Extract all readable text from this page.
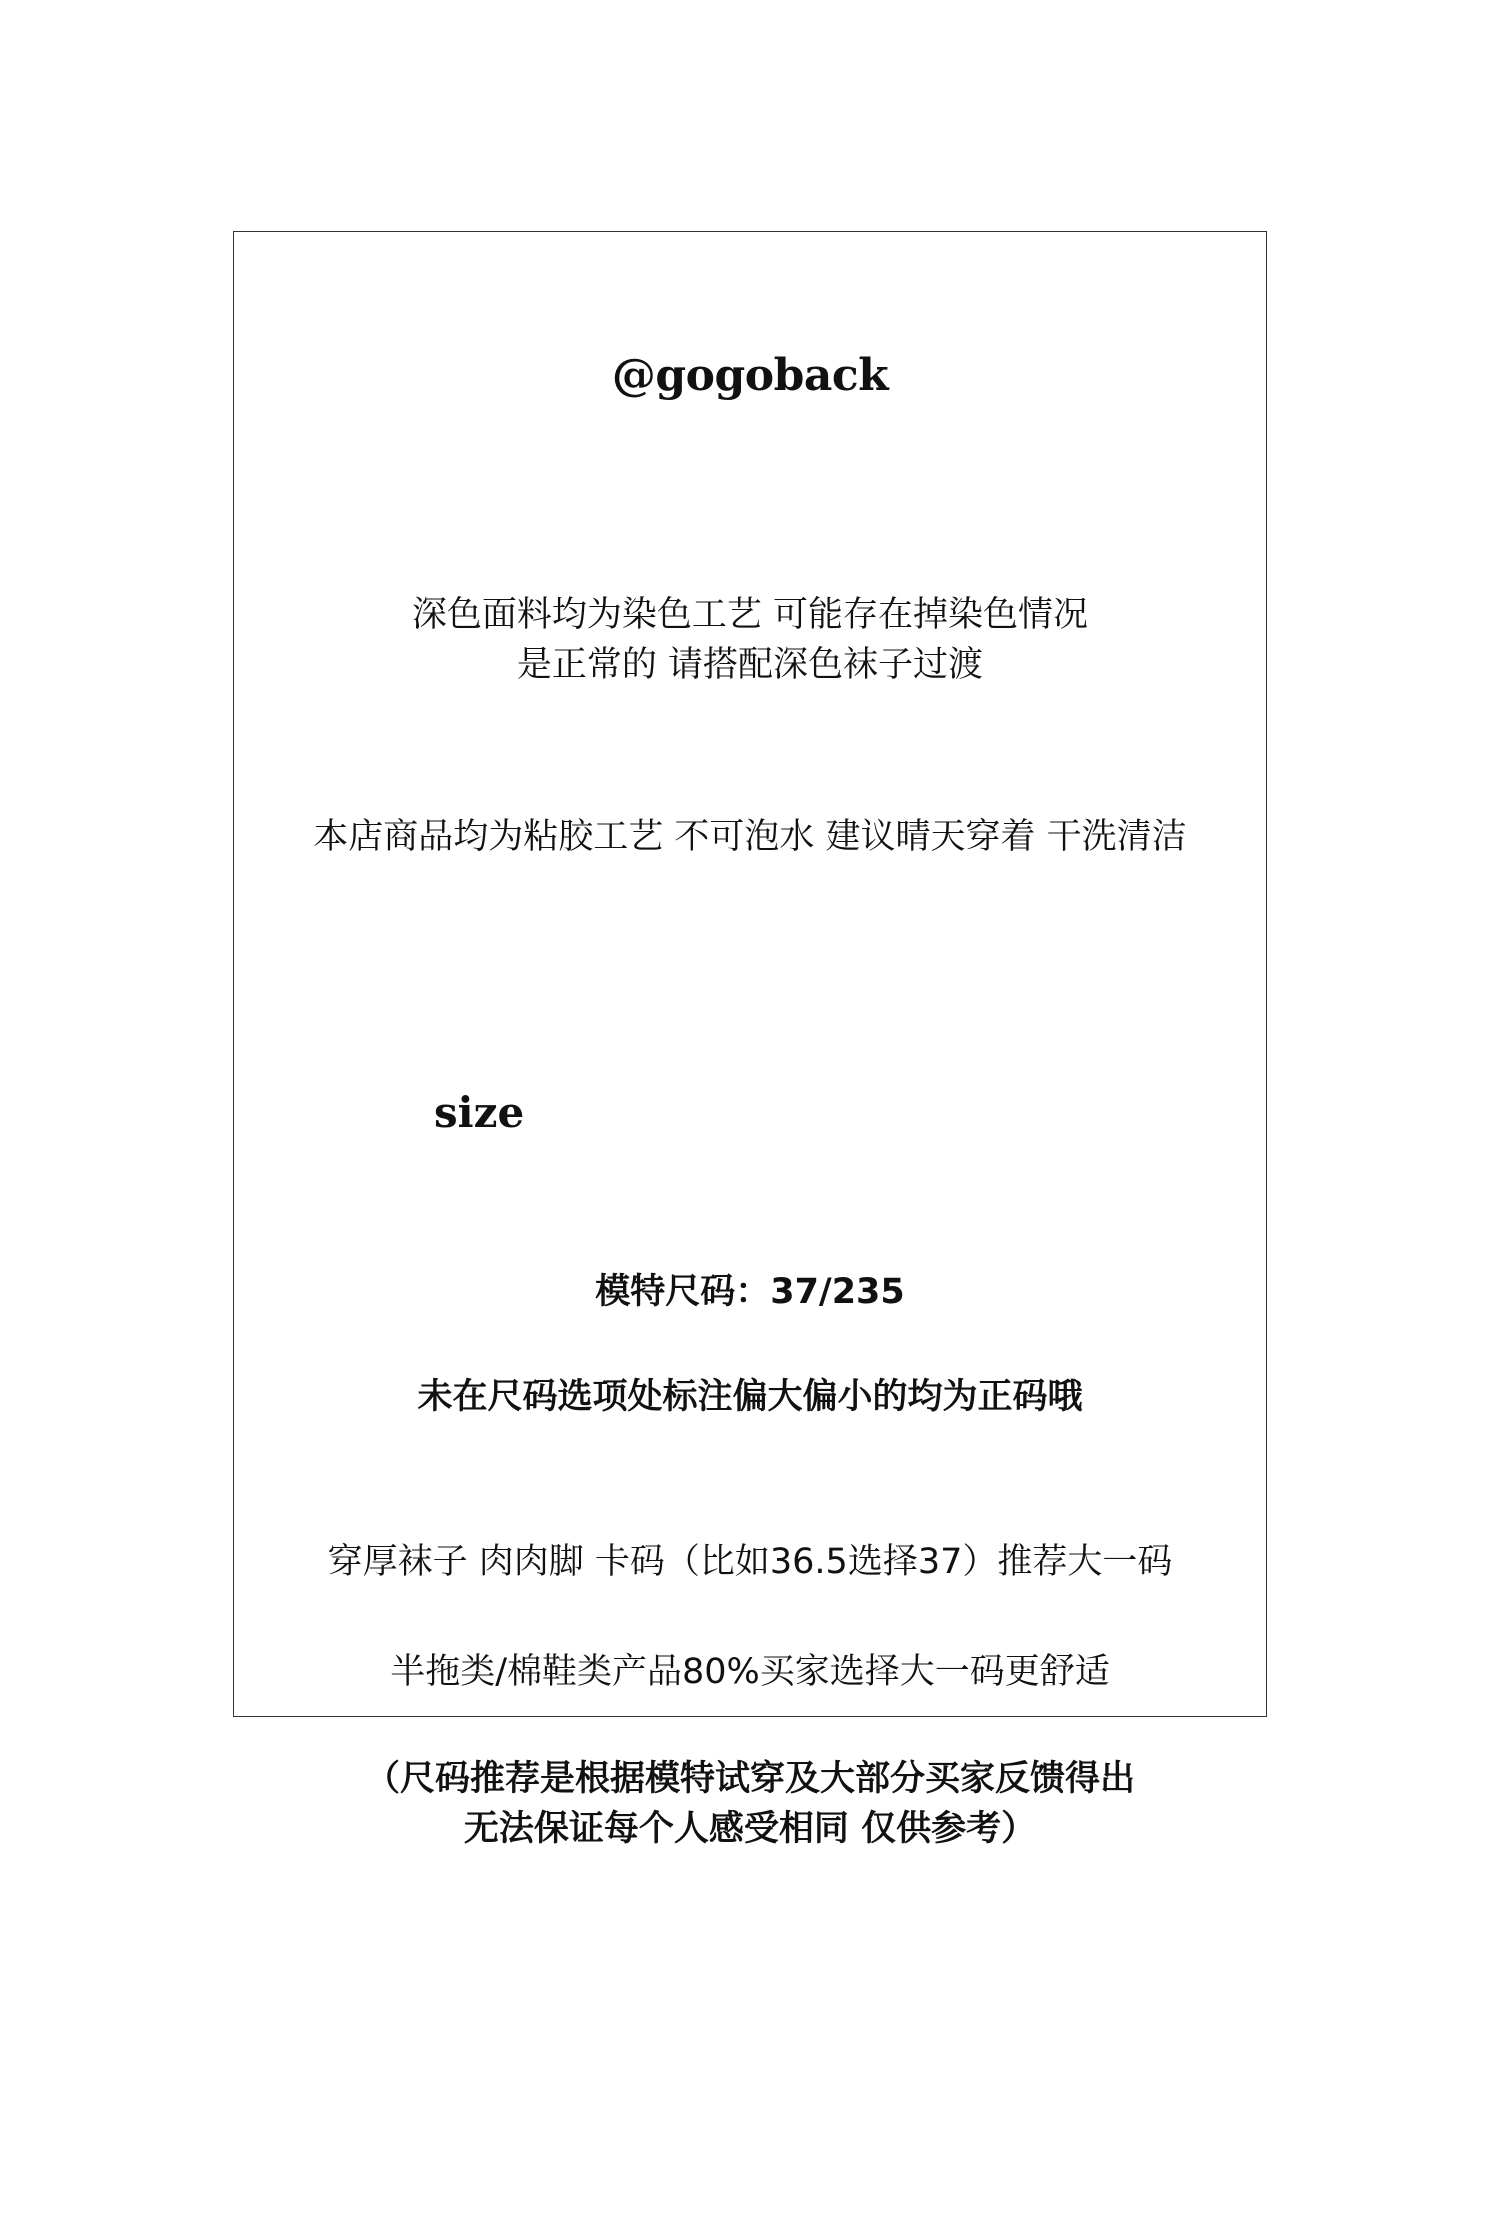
@gogoback

深色面料均为染色工艺 可能存在掉染色情况
是正常的 请搭配深色袜子过渡

本店商品均为粘胶工艺 不可泡水 建议晴天穿着 干洗清洁

size

模特尺码：37/235

未在尺码选项处标注偏大偏小的均为正码哦

穿厚袜子 肉肉脚 卡码（比如36.5选择37）推荐大一码

半拖类/棉鞋类产品80%买家选择大一码更舒适

（尺码推荐是根据模特试穿及大部分买家反馈得出
无法保证每个人感受相同 仅供参考）
